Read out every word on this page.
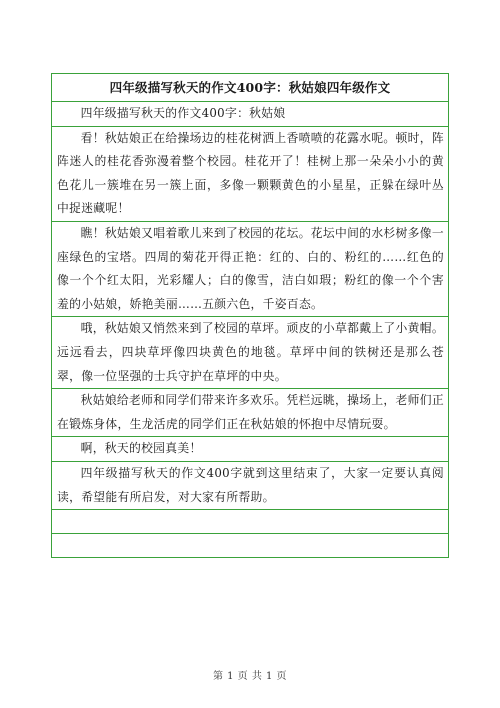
四年级描写秋天的作文400字：秋姑娘四年级作文
四年级描写秋天的作文400字：秋姑娘
看！秋姑娘正在给操场边的桂花树洒上香喷喷的花露水呢。顿时，阵阵迷人的桂花香弥漫着整个校园。桂花开了！桂树上那一朵朵小小的黄色花儿一簇堆在另一簇上面，多像一颗颗黄色的小星星，正躲在绿叶丛中捉迷藏呢！
瞧！秋姑娘又唱着歌儿来到了校园的花坛。花坛中间的水杉树多像一座绿色的宝塔。四周的菊花开得正艳：红的、白的、粉红的……红色的像一个个红太阳，光彩耀人；白的像雪，洁白如瑕；粉红的像一个个害羞的小姑娘，娇艳美丽……五颜六色，千姿百态。
哦，秋姑娘又悄然来到了校园的草坪。顽皮的小草都戴上了小黄帽。远远看去，四块草坪像四块黄色的地毯。草坪中间的铁树还是那么苍翠，像一位坚强的士兵守护在草坪的中央。
秋姑娘给老师和同学们带来许多欢乐。凭栏远眺，操场上，老师们正在锻炼身体，生龙活虎的同学们正在秋姑娘的怀抱中尽情玩耍。
啊，秋天的校园真美！
四年级描写秋天的作文400字就到这里结束了，大家一定要认真阅读，希望能有所启发，对大家有所帮助。
第 1 页 共 1 页
